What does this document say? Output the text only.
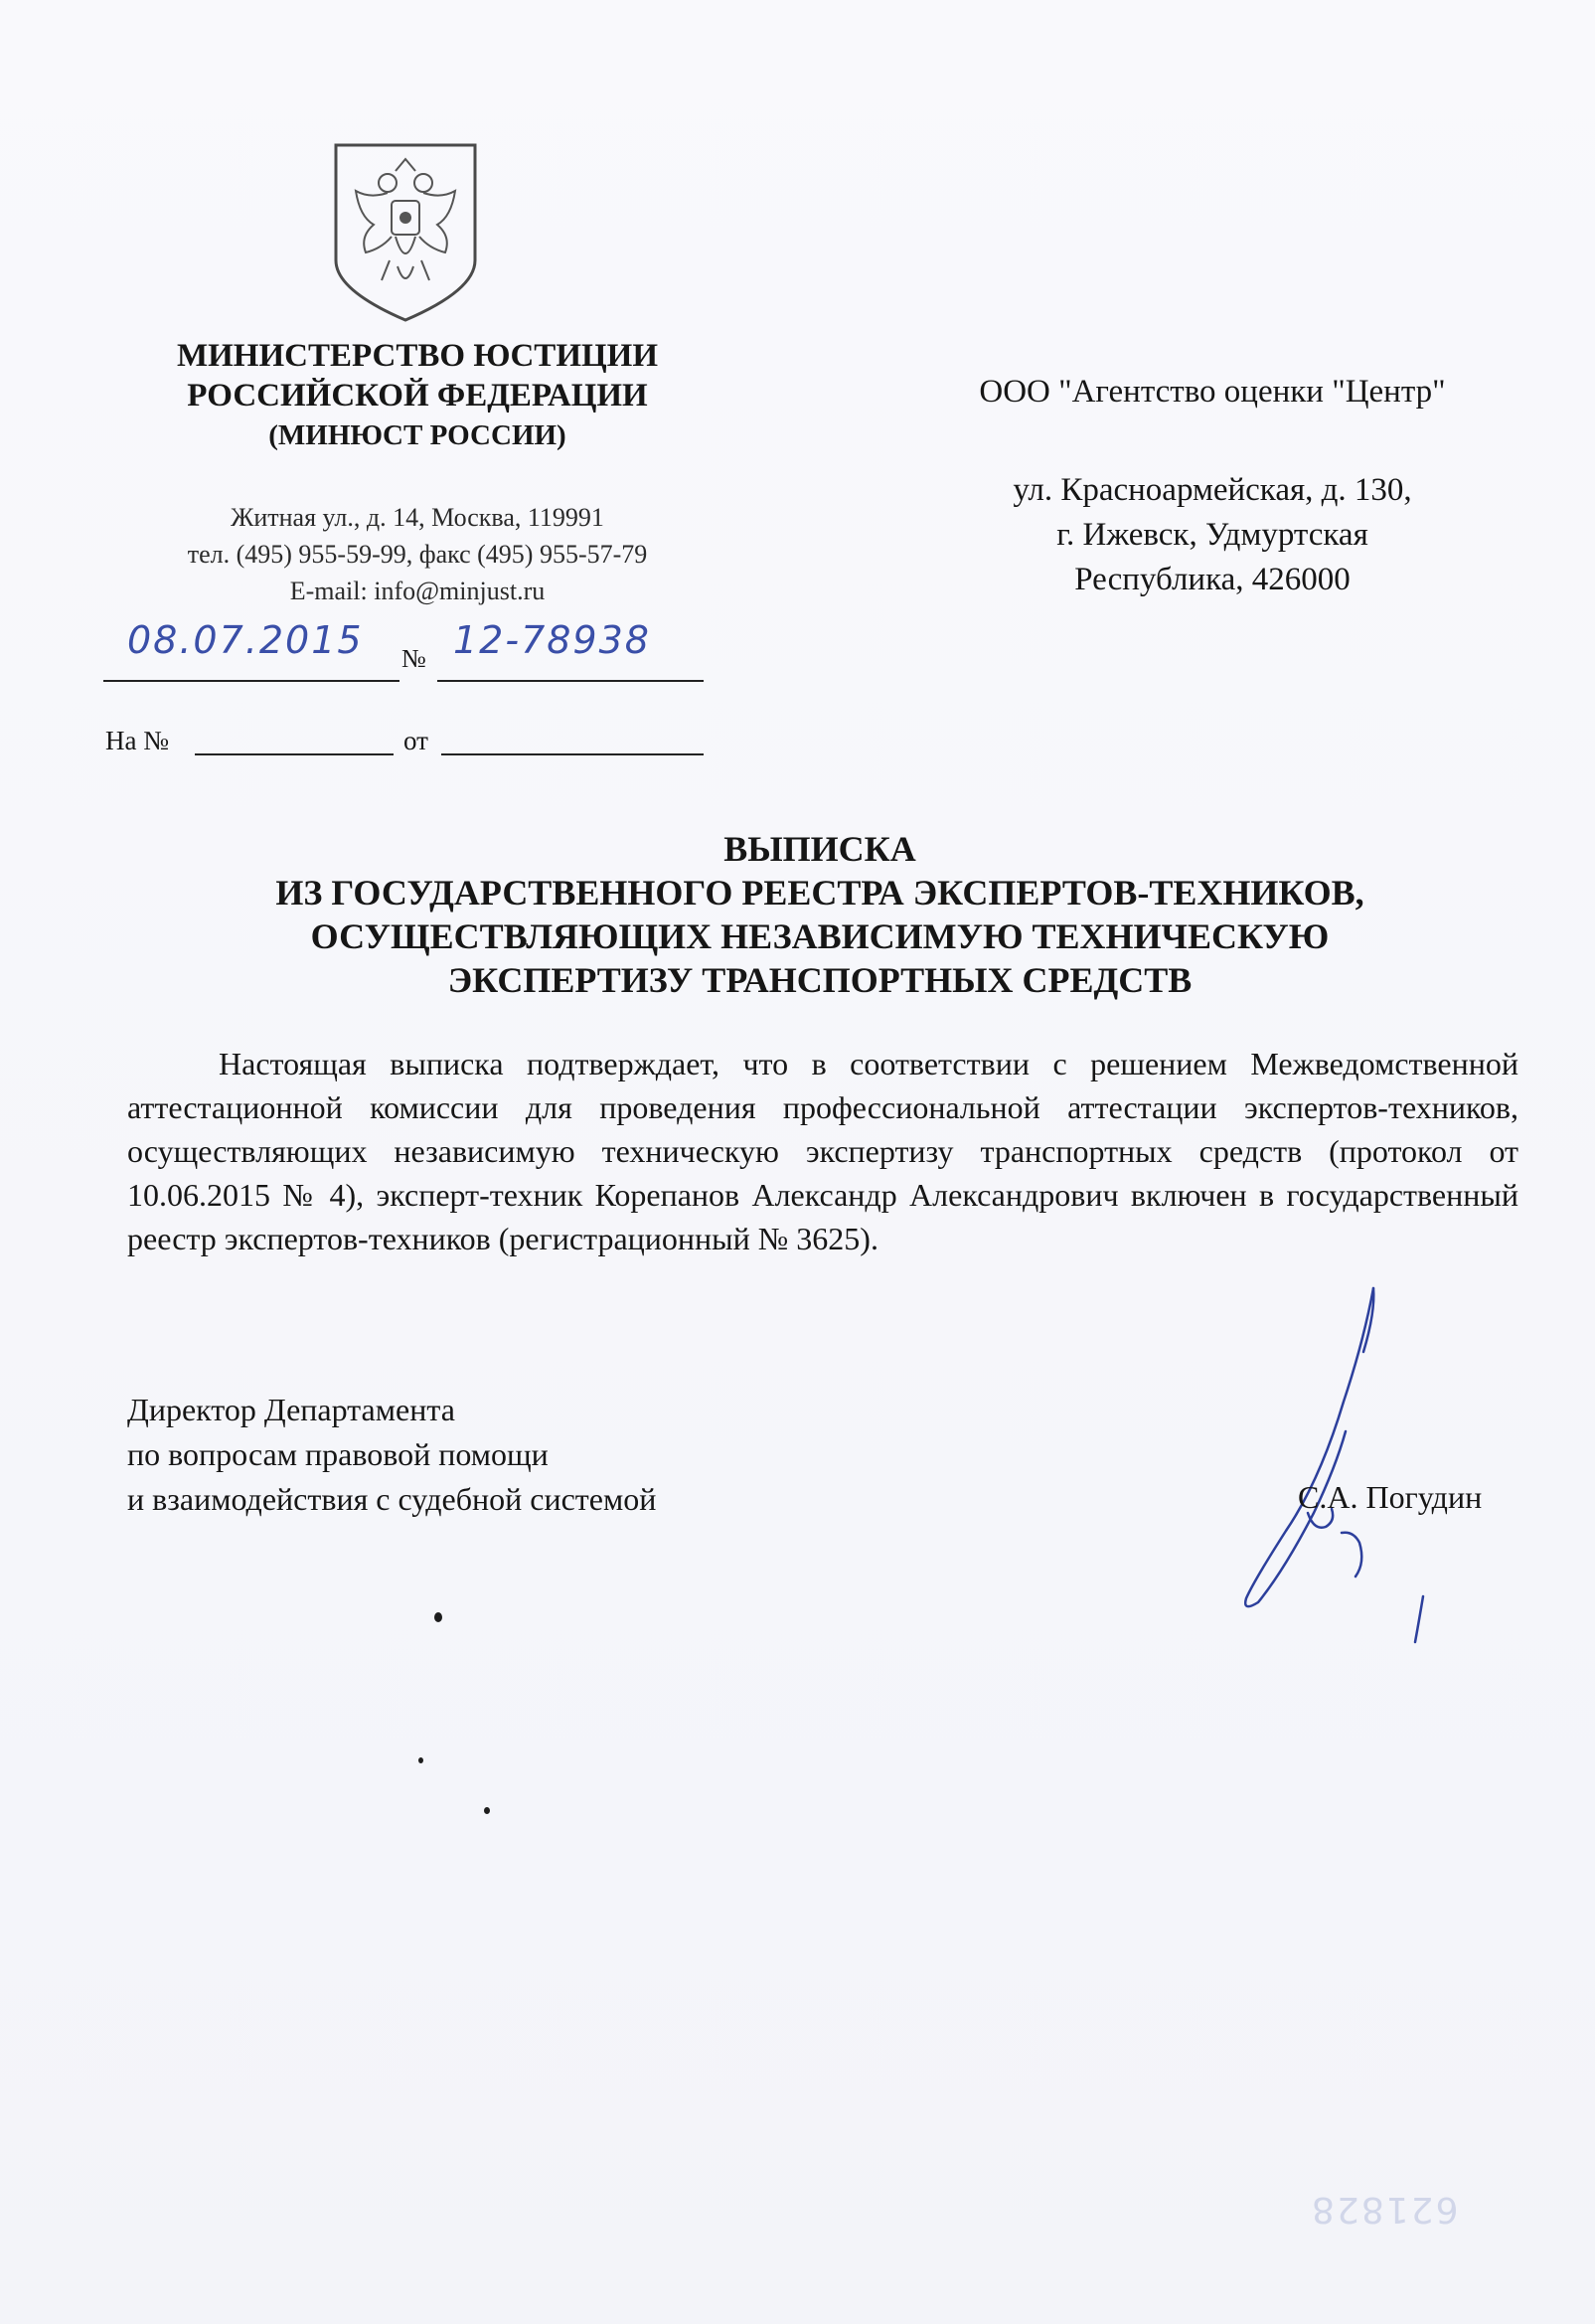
МИНИСТЕРСТВО ЮСТИЦИИ
РОССИЙСКОЙ ФЕДЕРАЦИИ
(МИНЮСТ РОССИИ)
Житная ул., д. 14, Москва, 119991
тел. (495) 955-59-99, факс (495) 955-57-79
E-mail: info@minjust.ru
08.07.2015 № 12-78938
На №	от
ООО "Агентство оценки "Центр"
ул. Красноармейская, д. 130,
г. Ижевск, Удмуртская
Республика, 426000
ВЫПИСКА
ИЗ ГОСУДАРСТВЕННОГО РЕЕСТРА ЭКСПЕРТОВ-ТЕХНИКОВ,
ОСУЩЕСТВЛЯЮЩИХ НЕЗАВИСИМУЮ ТЕХНИЧЕСКУЮ
ЭКСПЕРТИЗУ ТРАНСПОРТНЫХ СРЕДСТВ
Настоящая выписка подтверждает, что в соответствии с решением Межведомственной аттестационной комиссии для проведения профессиональной аттестации экспертов-техников, осуществляющих независимую техническую экспертизу транспортных средств (протокол от 10.06.2015 № 4), эксперт-техник Корепанов Александр Александрович включен в государственный реестр экспертов-техников (регистрационный № 3625).
Директор Департамента
по вопросам правовой помощи
и взаимодействия с судебной системой	С.А. Погудин
621828
